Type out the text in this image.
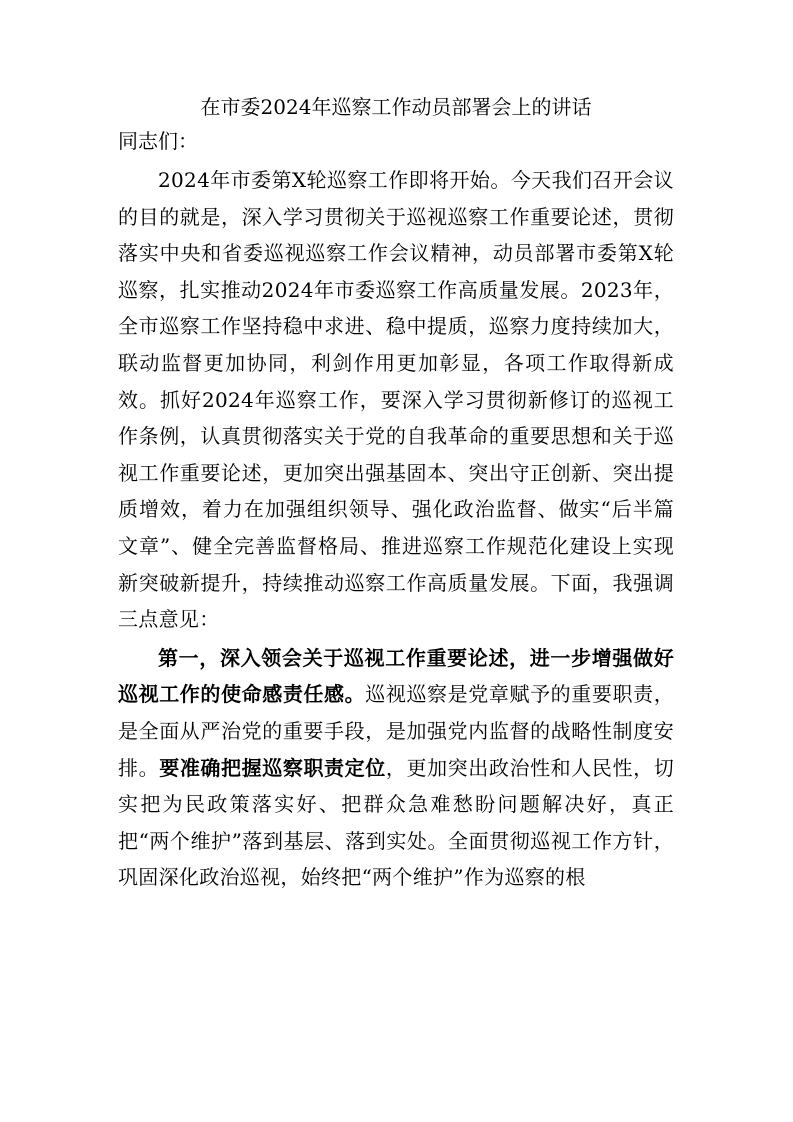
在市委2024年巡察工作动员部署会上的讲话

同志们：

2024年市委第X轮巡察工作即将开始。今天我们召开会议的目的就是，深入学习贯彻关于巡视巡察工作重要论述，贯彻落实中央和省委巡视巡察工作会议精神，动员部署市委第X轮巡察，扎实推动2024年市委巡察工作高质量发展。2023年，全市巡察工作坚持稳中求进、稳中提质，巡察力度持续加大，联动监督更加协同，利剑作用更加彰显，各项工作取得新成效。抓好2024年巡察工作，要深入学习贯彻新修订的巡视工作条例，认真贯彻落实关于党的自我革命的重要思想和关于巡视工作重要论述，更加突出强基固本、突出守正创新、突出提质增效，着力在加强组织领导、强化政治监督、做实“后半篇文章”、健全完善监督格局、推进巡察工作规范化建设上实现新突破新提升，持续推动巡察工作高质量发展。下面，我强调三点意见：

第一，深入领会关于巡视工作重要论述，进一步增强做好巡视工作的使命感责任感。巡视巡察是党章赋予的重要职责，是全面从严治党的重要手段，是加强党内监督的战略性制度安排。要准确把握巡察职责定位，更加突出政治性和人民性，切实把为民政策落实好、把群众急难愁盼问题解决好，真正把“两个维护”落到基层、落到实处。全面贯彻巡视工作方针，巩固深化政治巡视，始终把“两个维护”作为巡察的根
